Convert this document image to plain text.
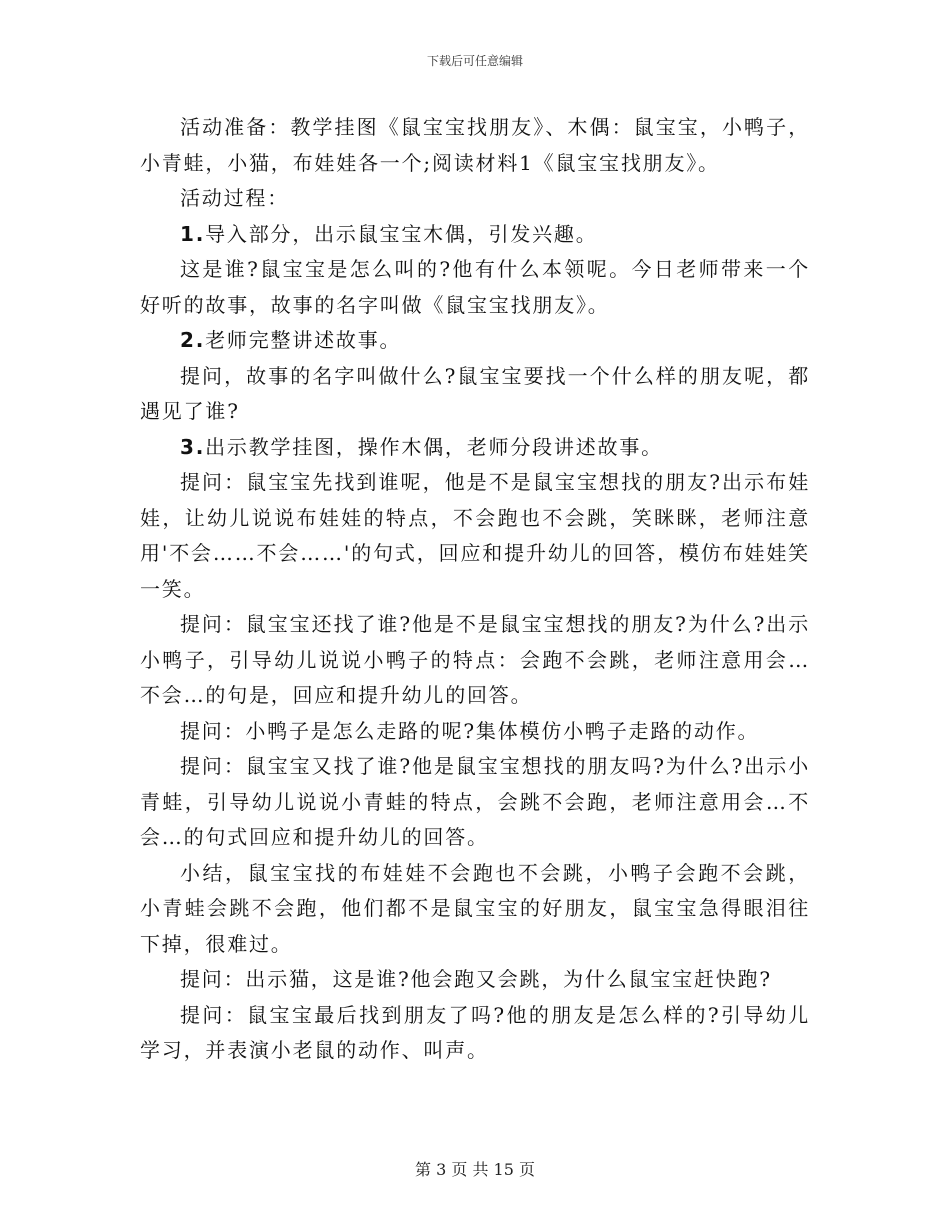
下载后可任意编辑

活动准备：教学挂图《鼠宝宝找朋友》、木偶：鼠宝宝，小鸭子，小青蛙，小猫，布娃娃各一个;阅读材料1《鼠宝宝找朋友》。

活动过程：

1.导入部分，出示鼠宝宝木偶，引发兴趣。

这是谁?鼠宝宝是怎么叫的?他有什么本领呢。今日老师带来一个好听的故事，故事的名字叫做《鼠宝宝找朋友》。

2.老师完整讲述故事。

提问，故事的名字叫做什么?鼠宝宝要找一个什么样的朋友呢，都遇见了谁?

3.出示教学挂图，操作木偶，老师分段讲述故事。

提问：鼠宝宝先找到谁呢，他是不是鼠宝宝想找的朋友?出示布娃娃，让幼儿说说布娃娃的特点，不会跑也不会跳，笑眯眯，老师注意用'不会……不会……'的句式，回应和提升幼儿的回答，模仿布娃娃笑一笑。

提问：鼠宝宝还找了谁?他是不是鼠宝宝想找的朋友?为什么?出示小鸭子，引导幼儿说说小鸭子的特点：会跑不会跳，老师注意用会…不会…的句是，回应和提升幼儿的回答。

提问：小鸭子是怎么走路的呢?集体模仿小鸭子走路的动作。

提问：鼠宝宝又找了谁?他是鼠宝宝想找的朋友吗?为什么?出示小青蛙，引导幼儿说说小青蛙的特点，会跳不会跑，老师注意用会…不会…的句式回应和提升幼儿的回答。

小结，鼠宝宝找的布娃娃不会跑也不会跳，小鸭子会跑不会跳，小青蛙会跳不会跑，他们都不是鼠宝宝的好朋友，鼠宝宝急得眼泪往下掉，很难过。

提问：出示猫，这是谁?他会跑又会跳，为什么鼠宝宝赶快跑?

提问：鼠宝宝最后找到朋友了吗?他的朋友是怎么样的?引导幼儿学习，并表演小老鼠的动作、叫声。

第 3 页 共 15 页
